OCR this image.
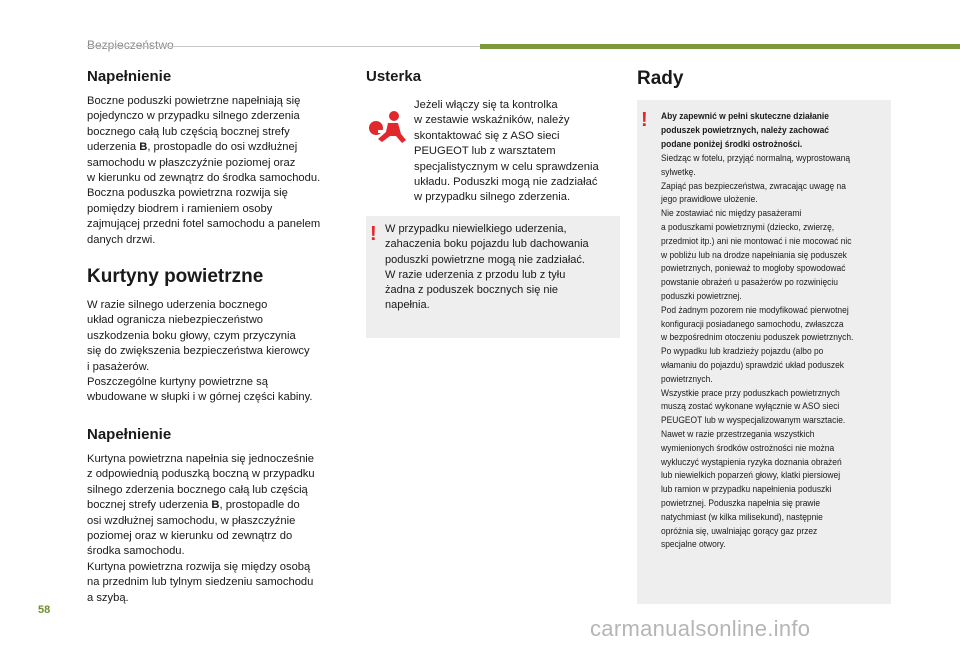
Bezpieczeństwo
Napełnienie

Boczne poduszki powietrzne napełniają się
pojedynczo w przypadku silnego zderzenia
bocznego całą lub częścią bocznej strefy
uderzenia B, prostopadle do osi wzdłużnej
samochodu w płaszczyźnie poziomej oraz
w kierunku od zewnątrz do środka samochodu.
Boczna poduszka powietrzna rozwija się
pomiędzy biodrem i ramieniem osoby
zajmującej przedni fotel samochodu a panelem
danych drzwi.

Kurtyny powietrzne

W razie silnego uderzenia bocznego
układ ogranicza niebezpieczeństwo
uszkodzenia boku głowy, czym przyczynia
się do zwiększenia bezpieczeństwa kierowcy
i pasażerów.
Poszczególne kurtyny powietrzne są
wbudowane w słupki i w górnej części kabiny.

Napełnienie

Kurtyna powietrzna napełnia się jednocześnie
z odpowiednią poduszką boczną w przypadku
silnego zderzenia bocznego całą lub częścią
bocznej strefy uderzenia B, prostopadle do
osi wzdłużnej samochodu, w płaszczyźnie
poziomej oraz w kierunku od zewnątrz do
środka samochodu.
Kurtyna powietrzna rozwija się między osobą
na przednim lub tylnym siedzeniu samochodu
a szybą.

Usterka

Jeżeli włączy się ta kontrolka
w zestawie wskaźników, należy
skontaktować się z ASO sieci
PEUGEOT lub z warsztatem
specjalistycznym w celu sprawdzenia
układu. Poduszki mogą nie zadziałać
w przypadku silnego zderzenia.

! W przypadku niewielkiego uderzenia,
zahaczenia boku pojazdu lub dachowania
poduszki powietrzne mogą nie zadziałać.
W razie uderzenia z przodu lub z tyłu
żadna z poduszek bocznych się nie
napełnia.

Rady
! Aby zapewnić w pełni skuteczne działanie
poduszek powietrznych, należy zachować
podane poniżej środki ostrożności.
Siedząc w fotelu, przyjąć normalną, wyprostowaną
sylwetkę.
Zapiąć pas bezpieczeństwa, zwracając uwagę na
jego prawidłowe ułożenie.
Nie zostawiać nic między pasażerami
a poduszkami powietrznymi (dziecko, zwierzę,
przedmiot itp.) ani nie montować i nie mocować nic
w pobliżu lub na drodze napełniania się poduszek
powietrznych, ponieważ to mogłoby spowodować
powstanie obrażeń u pasażerów po rozwinięciu
poduszki powietrznej.
Pod żadnym pozorem nie modyfikować pierwotnej
konfiguracji posiadanego samochodu, zwłaszcza
w bezpośrednim otoczeniu poduszek powietrznych.
Po wypadku lub kradzieży pojazdu (albo po
włamaniu do pojazdu) sprawdzić układ poduszek
powietrznych.
Wszystkie prace przy poduszkach powietrznych
muszą zostać wykonane wyłącznie w ASO sieci
PEUGEOT lub w wyspecjalizowanym warsztacie.
Nawet w razie przestrzegania wszystkich
wymienionych środków ostrożności nie można
wykluczyć wystąpienia ryzyka doznania obrażeń
lub niewielkich poparzeń głowy, klatki piersiowej
lub ramion w przypadku napełnienia poduszki
powietrznej. Poduszka napełnia się prawie
natychmiast (w kilka milisekund), następnie
opróżnia się, uwalniając gorący gaz przez
specjalne otwory.
58
carmanualsonline.info
